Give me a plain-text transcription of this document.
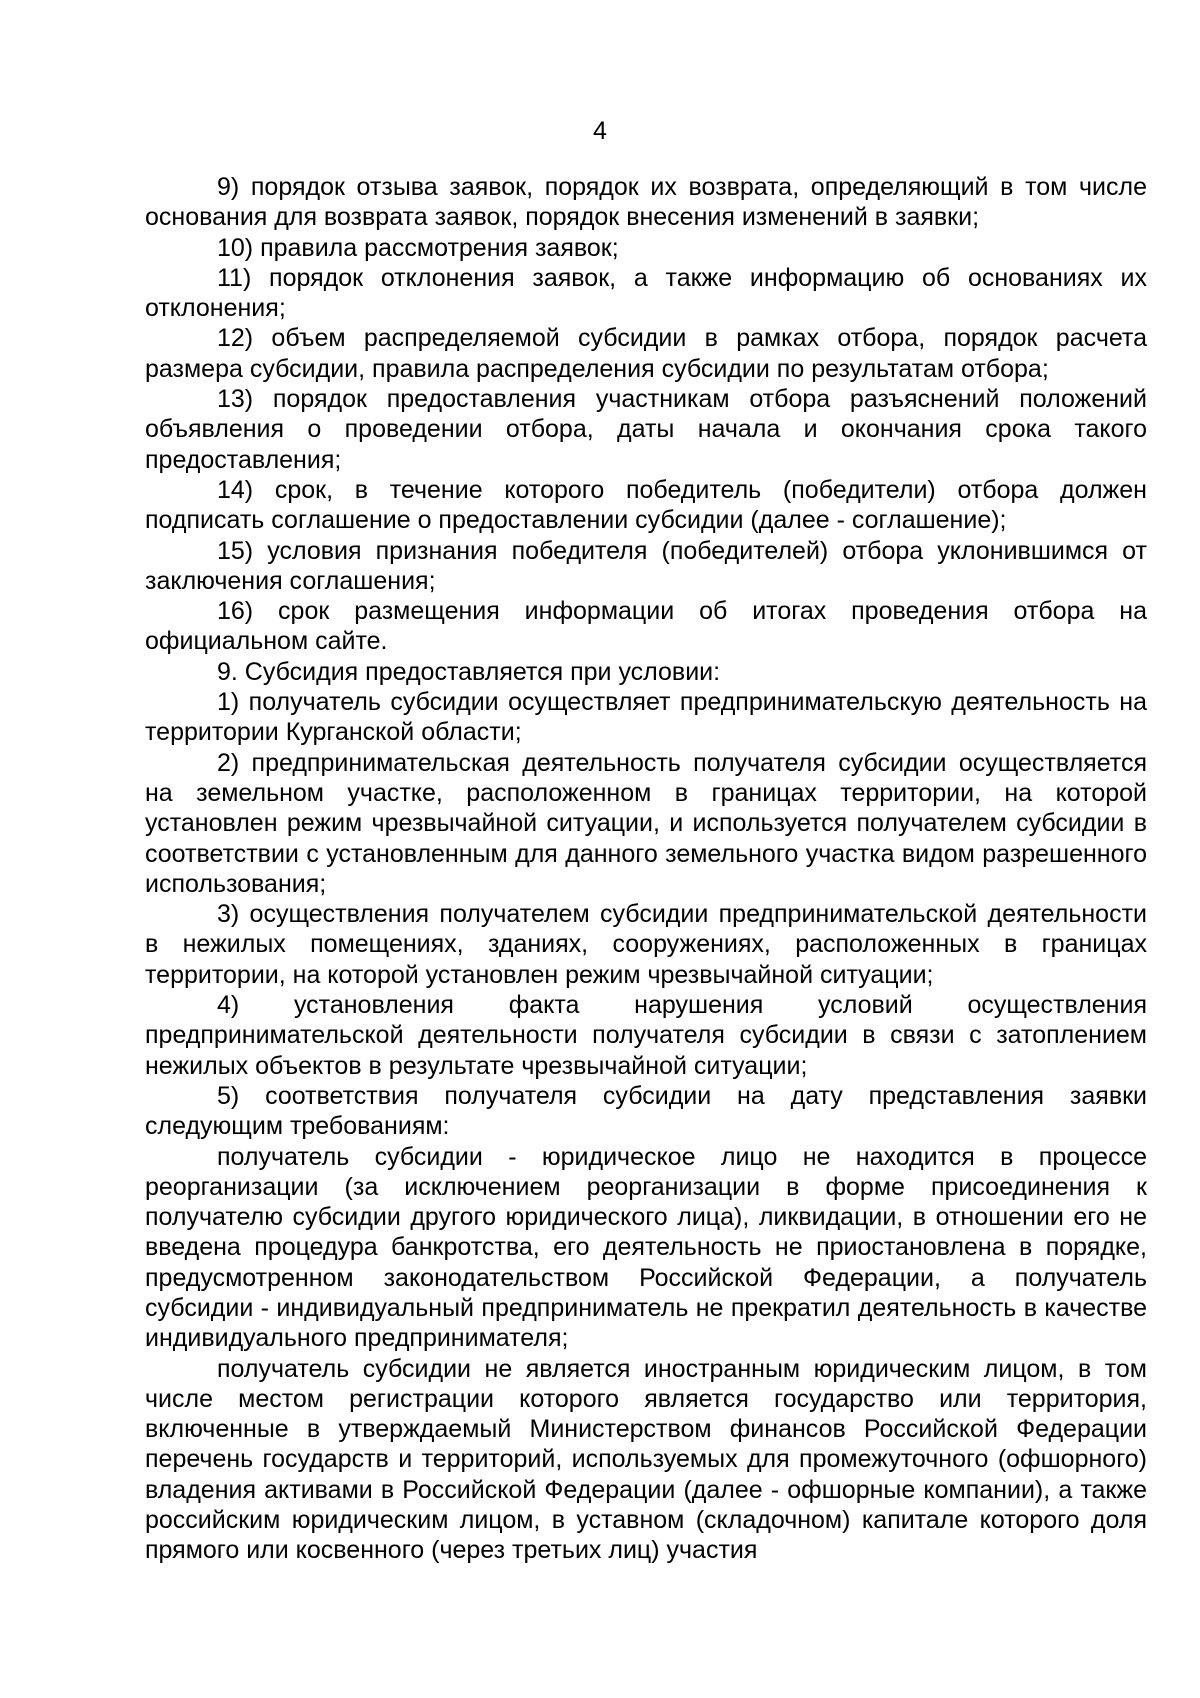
4

9) порядок отзыва заявок, порядок их возврата, определяющий в том числе основания для возврата заявок, порядок внесения изменений в заявки;

10) правила рассмотрения заявок;

11) порядок отклонения заявок, а также информацию об основаниях их отклонения;

12) объем распределяемой субсидии в рамках отбора, порядок расчета размера субсидии, правила распределения субсидии по результатам отбора;

13) порядок предоставления участникам отбора разъяснений положений объявления о проведении отбора, даты начала и окончания срока такого предоставления;

14) срок, в течение которого победитель (победители) отбора должен подписать соглашение о предоставлении субсидии (далее - соглашение);

15) условия признания победителя (победителей) отбора уклонившимся от заключения соглашения;

16) срок размещения информации об итогах проведения отбора на официальном сайте.

9. Субсидия предоставляется при условии:

1) получатель субсидии осуществляет предпринимательскую деятельность на территории Курганской области;

2) предпринимательская деятельность получателя субсидии осуществляется на земельном участке, расположенном в границах территории, на которой установлен режим чрезвычайной ситуации, и используется получателем субсидии в соответствии с установленным для данного земельного участка видом разрешенного использования;

3) осуществления получателем субсидии предпринимательской деятельности в нежилых помещениях, зданиях, сооружениях, расположенных в границах территории, на которой установлен режим чрезвычайной ситуации;

4) установления факта нарушения условий осуществления предпринимательской деятельности получателя субсидии в связи с затоплением нежилых объектов в результате чрезвычайной ситуации;

5) соответствия получателя субсидии на дату представления заявки следующим требованиям:

получатель субсидии - юридическое лицо не находится в процессе реорганизации (за исключением реорганизации в форме присоединения к получателю субсидии другого юридического лица), ликвидации, в отношении его не введена процедура банкротства, его деятельность не приостановлена в порядке, предусмотренном законодательством Российской Федерации, а получатель субсидии - индивидуальный предприниматель не прекратил деятельность в качестве индивидуального предпринимателя;

получатель субсидии не является иностранным юридическим лицом, в том числе местом регистрации которого является государство или территория, включенные в утверждаемый Министерством финансов Российской Федерации перечень государств и территорий, используемых для промежуточного (офшорного) владения активами в Российской Федерации (далее - офшорные компании), а также российским юридическим лицом, в уставном (складочном) капитале которого доля прямого или косвенного (через третьих лиц) участия
